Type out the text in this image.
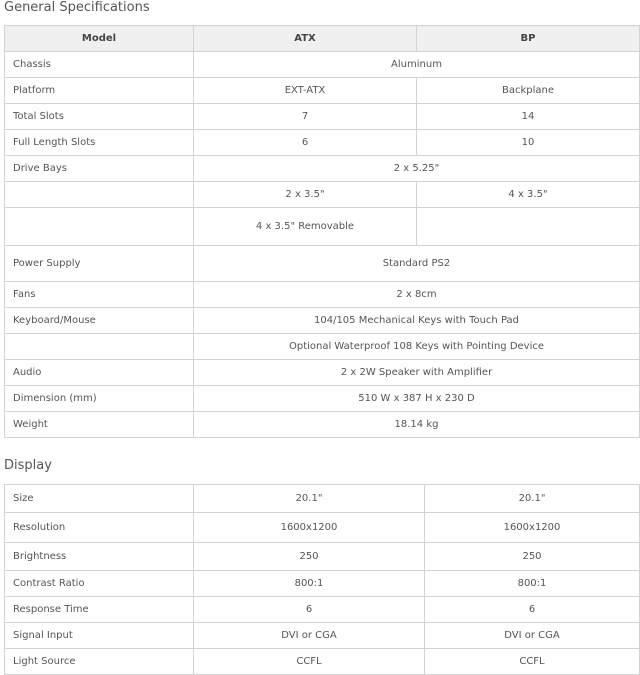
General Specifications
Model	ATX	BP
Chassis	Aluminum	
Platform	EXT-ATX	Backplane
Total Slots	7	14
Full Length Slots	6	10
Drive Bays	2 x 5.25"	
	2 x 3.5"	4 x 3.5"
	4 x 3.5" Removable	
Power Supply	Standard PS2	
Fans	2 x 8cm	
Keyboard/Mouse	104/105 Mechanical Keys with Touch Pad	
	Optional Waterproof 108 Keys with Pointing Device	
Audio	2 x 2W Speaker with Amplifier	
Dimension (mm)	510 W x 387 H x 230 D	
Weight	18.14 kg	
Display
Size	20.1"	20.1"
Resolution	1600x1200	1600x1200
Brightness	250	250
Contrast Ratio	800:1	800:1
Response Time	6	6
Signal Input	DVI or CGA	DVI or CGA
Light Source	CCFL	CCFL
